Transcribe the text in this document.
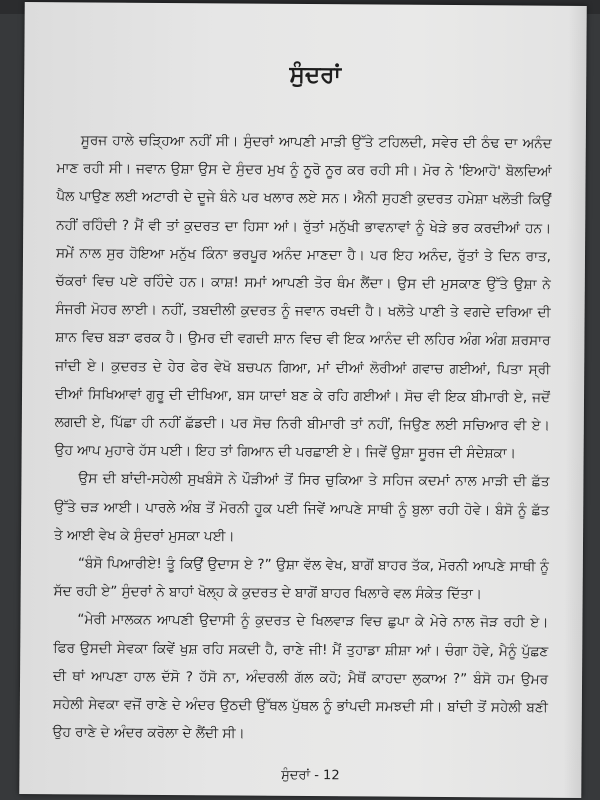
ਸੁੰਦਰਾਂ

ਸੂਰਜ ਹਾਲੇ ਚੜ੍ਹਿਆ ਨਹੀਂ ਸੀ। ਸੁੰਦਰਾਂ ਆਪਣੀ ਮਾੜੀ ਉੱਤੇ ਟਹਿਲਦੀ, ਸਵੇਰ ਦੀ ਠੰਢ ਦਾ ਅਨੰਦ ਮਾਣ ਰਹੀ ਸੀ। ਜਵਾਨ ਉਸ਼ਾ ਉਸ ਦੇ ਸੁੰਦਰ ਮੁਖ ਨੂੰ ਨੂਰੋ ਨੂਰ ਕਰ ਰਹੀ ਸੀ। ਮੋਰ ਨੇ 'ਇਆਹੋ' ਬੋਲਦਿਆਂ ਪੈਲ ਪਾਉਣ ਲਈ ਅਟਾਰੀ ਦੇ ਦੂਜੇ ਬੰਨੇ ਪਰ ਖਲਾਰ ਲਏ ਸਨ। ਐਨੀ ਸੁਹਣੀ ਕੁਦਰਤ ਹਮੇਸ਼ਾ ਖਲੋਤੀ ਕਿਉਂ ਨਹੀਂ ਰਹਿੰਦੀ ? ਮੈਂ ਵੀ ਤਾਂ ਕੁਦਰਤ ਦਾ ਹਿਸਾ ਆਂ। ਰੁੱਤਾਂ ਮਨੁੱਖੀ ਭਾਵਨਾਵਾਂ ਨੂੰ ਖੇੜੇ ਭਰ ਕਰਦੀਆਂ ਹਨ। ਸਮੇਂ ਨਾਲ ਸੁਰ ਹੋਇਆ ਮਨੁੱਖ ਕਿੰਨਾ ਭਰਪੂਰ ਅਨੰਦ ਮਾਣਦਾ ਹੈ। ਪਰ ਇਹ ਅਨੰਦ, ਰੁੱਤਾਂ ਤੇ ਦਿਨ ਰਾਤ, ਚੱਕਰਾਂ ਵਿਚ ਪਏ ਰਹਿੰਦੇ ਹਨ। ਕਾਸ਼! ਸਮਾਂ ਆਪਣੀ ਤੋਰ ਥੰਮ ਲੈਂਦਾ। ਉਸ ਦੀ ਮੁਸਕਾਣ ਉੱਤੇ ਉਸ਼ਾ ਨੇ ਸੰਜਰੀ ਮੋਹਰ ਲਾਈ। ਨਹੀਂ, ਤਬਦੀਲੀ ਕੁਦਰਤ ਨੂੰ ਜਵਾਨ ਰਖਦੀ ਹੈ। ਖਲੋਤੇ ਪਾਣੀ ਤੇ ਵਗਦੇ ਦਰਿਆ ਦੀ ਸ਼ਾਨ ਵਿਚ ਬੜਾ ਫਰਕ ਹੈ। ਉਮਰ ਦੀ ਵਗਦੀ ਸ਼ਾਨ ਵਿਚ ਵੀ ਇਕ ਆਨੰਦ ਦੀ ਲਹਿਰ ਅੰਗ ਅੰਗ ਸ਼ਰਸਾਰ ਜਾਂਦੀ ਏ। ਕੁਦਰਤ ਦੇ ਹੇਰ ਫੇਰ ਵੇਖੋ ਬਚਪਨ ਗਿਆ, ਮਾਂ ਦੀਆਂ ਲੋਰੀਆਂ ਗਵਾਚ ਗਈਆਂ, ਪਿਤਾ ਸ੍ਰੀ ਦੀਆਂ ਸਿਖਿਆਵਾਂ ਗੁਰੂ ਦੀ ਦੀਖਿਆ, ਬਸ ਯਾਦਾਂ ਬਣ ਕੇ ਰਹਿ ਗਈਆਂ। ਸੋਚ ਵੀ ਇਕ ਬੀਮਾਰੀ ਏ, ਜਦੋਂ ਲਗਦੀ ਏ, ਪਿੱਛਾ ਹੀ ਨਹੀਂ ਛੱਡਦੀ। ਪਰ ਸੋਚ ਨਿਰੀ ਬੀਮਾਰੀ ਤਾਂ ਨਹੀਂ, ਜਿਉਣ ਲਈ ਸਚਿਆਰ ਵੀ ਏ। ਉਹ ਆਪ ਮੁਹਾਰੇ ਹੱਸ ਪਈ। ਇਹ ਤਾਂ ਗਿਆਨ ਦੀ ਪਰਛਾਈ ਏ। ਜਿਵੇਂ ਉਸ਼ਾ ਸੂਰਜ ਦੀ ਸੰਦੇਸ਼ਕਾ।

ਉਸ ਦੀ ਬਾਂਦੀ-ਸਹੇਲੀ ਸੁਖਬੰਸੋ ਨੇ ਪੌੜੀਆਂ ਤੋਂ ਸਿਰ ਚੁਕਿਆ ਤੇ ਸਹਿਜ ਕਦਮਾਂ ਨਾਲ ਮਾੜੀ ਦੀ ਛੱਤ ਉੱਤੇ ਚੜ ਆਈ। ਪਾਰਲੇ ਅੰਬ ਤੋਂ ਮੋਰਨੀ ਹੂਕ ਪਈ ਜਿਵੇਂ ਆਪਣੇ ਸਾਥੀ ਨੂੰ ਬੁਲਾ ਰਹੀ ਹੋਵੇ। ਬੰਸੋ ਨੂੰ ਛੱਤ ਤੇ ਆਈ ਵੇਖ ਕੇ ਸੁੰਦਰਾਂ ਮੁਸਕਾ ਪਈ।

“ਬੰਸੋ ਪਿਆਰੀਏ! ਤੂੰ ਕਿਉਂ ਉਦਾਸ ਏ ?” ਉਸ਼ਾ ਵੱਲ ਵੇਖ, ਬਾਗੋਂ ਬਾਹਰ ਤੱਕ, ਮੋਰਨੀ ਆਪਣੇ ਸਾਥੀ ਨੂੰ ਸੱਦ ਰਹੀ ਏ” ਸੁੰਦਰਾਂ ਨੇ ਬਾਹਾਂ ਖੋਲ੍ਹ ਕੇ ਕੁਦਰਤ ਦੇ ਬਾਗੋਂ ਬਾਹਰ ਖਿਲਾਰੇ ਵਲ ਸੰਕੇਤ ਦਿੱਤਾ।

“ਮੇਰੀ ਮਾਲਕਨ ਆਪਣੀ ਉਦਾਸੀ ਨੂੰ ਕੁਦਰਤ ਦੇ ਖਿਲਵਾੜ ਵਿਚ ਛੁਪਾ ਕੇ ਮੇਰੇ ਨਾਲ ਜੋੜ ਰਹੀ ਏ। ਫਿਰ ਉਸਦੀ ਸੇਵਕਾ ਕਿਵੇਂ ਖੁਸ਼ ਰਹਿ ਸਕਦੀ ਹੈ, ਰਾਣੇ ਜੀ! ਮੈਂ ਤੁਹਾਡਾ ਸ਼ੀਸ਼ਾ ਆਂ। ਚੰਗਾ ਹੋਵੇ, ਮੈਨੂੰ ਪੁੱਛਣ ਦੀ ਥਾਂ ਆਪਣਾ ਹਾਲ ਦੱਸੋ ? ਹੱਸੋ ਨਾ, ਅੰਦਰਲੀ ਗੱਲ ਕਹੋ; ਮੈਥੋਂ ਕਾਹਦਾ ਲੁਕਾਅ ?” ਬੰਸੋ ਹਮ ਉਮਰ ਸਹੇਲੀ ਸੇਵਕਾ ਵਜੋਂ ਰਾਣੇ ਦੇ ਅੰਦਰ ਉਠਦੀ ਉੱਥਲ ਪੁੱਥਲ ਨੂੰ ਭਾਂਪਦੀ ਸਮਝਦੀ ਸੀ। ਬਾਂਦੀ ਤੋਂ ਸਹੇਲੀ ਬਣੀ ਉਹ ਰਾਣੇ ਦੇ ਅੰਦਰ ਕਰੋਲਾ ਦੇ ਲੈਂਦੀ ਸੀ।

ਸੁੰਦਰਾਂ - 12
